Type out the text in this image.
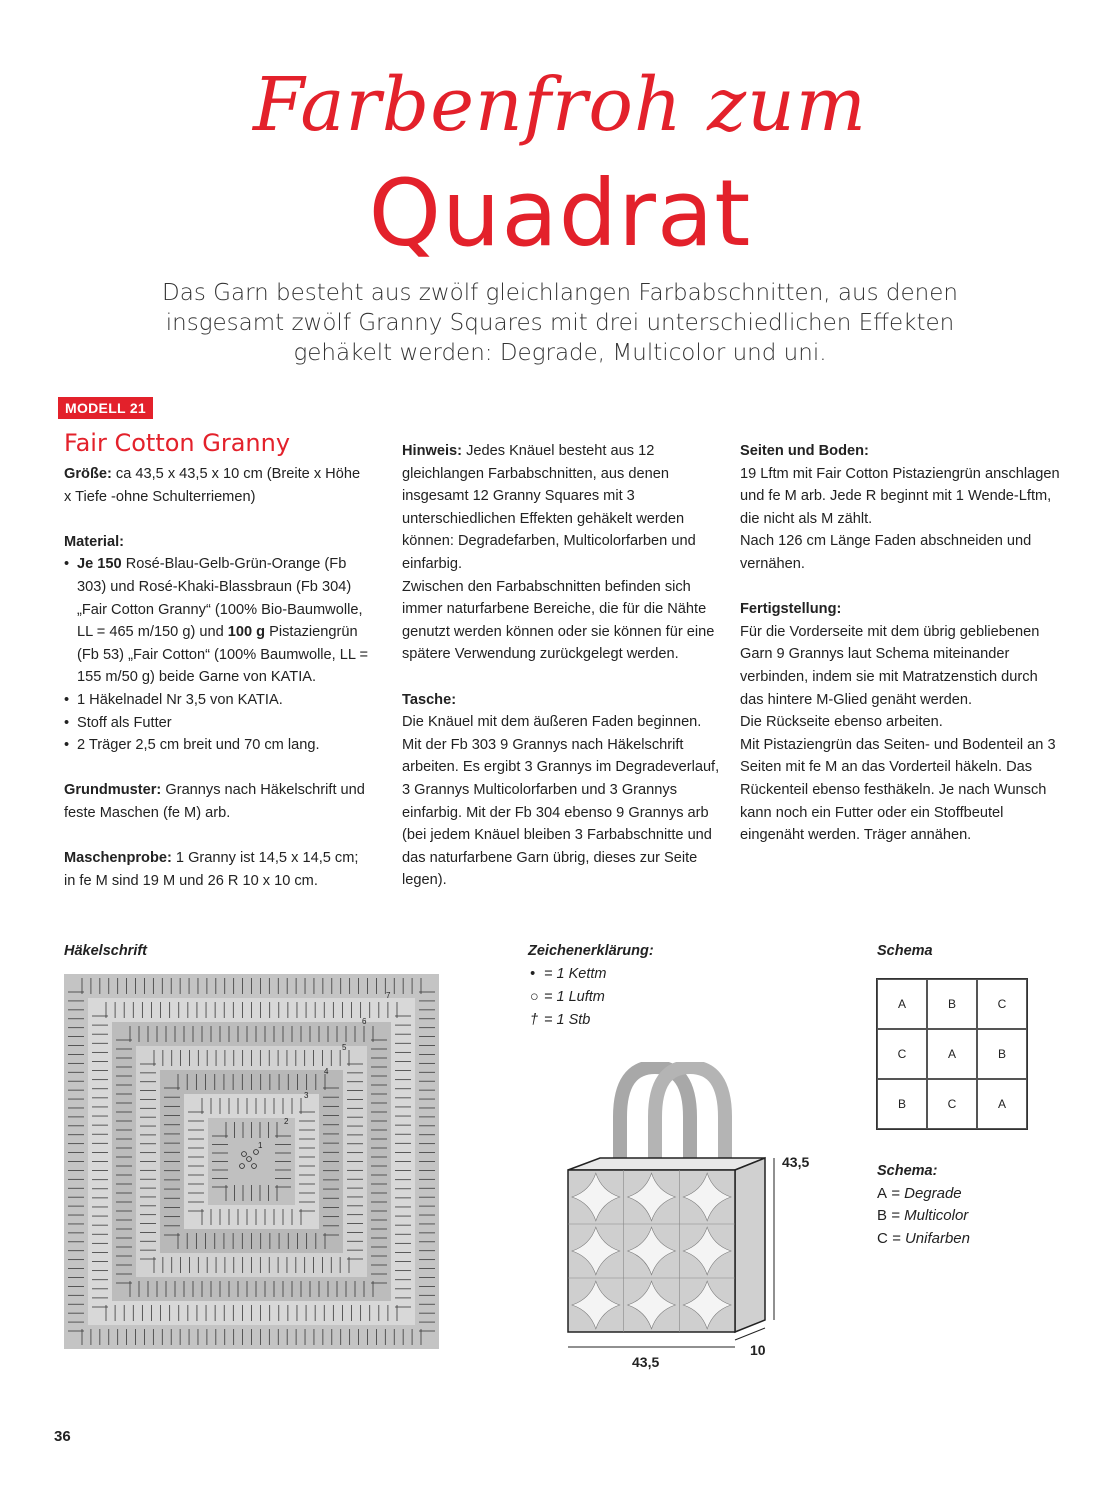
Farbenfroh zum
Quadrat
Das Garn besteht aus zwölf gleichlangen Farbabschnitten, aus denen insgesamt zwölf Granny Squares mit drei unterschiedlichen Effekten gehäkelt werden: Degrade, Multicolor und uni.
MODELL 21
Fair Cotton Granny

Größe: ca 43,5 x 43,5 x 10 cm (Breite x Höhe x Tiefe -ohne Schulterriemen)

Material:

• Je 150 Rosé-Blau-Gelb-Grün-Orange (Fb 303) und Rosé-Khaki-Blassbraun (Fb 304) „Fair Cotton Granny“ (100% Bio-Baumwolle, LL = 465 m/150 g) und 100 g Pistaziengrün (Fb 53) „Fair Cotton“ (100% Baumwolle, LL = 155 m/50 g) beide Garne von KATIA.
• 1 Häkelnadel Nr 3,5 von KATIA.
• Stoff als Futter
• 2 Träger 2,5 cm breit und 70 cm lang.

Grundmuster: Grannys nach Häkelschrift und feste Maschen (fe M) arb.

Maschenprobe: 1 Granny ist 14,5 x 14,5 cm; in fe M sind 19 M und 26 R 10 x 10 cm.

Hinweis: Jedes Knäuel besteht aus 12 gleichlangen Farbabschnitten, aus denen insgesamt 12 Granny Squares mit 3 unterschiedlichen Effekten gehäkelt werden können: Degradefarben, Multicolorfarben und einfarbig.

Zwischen den Farbabschnitten befinden sich immer naturfarbene Bereiche, die für die Nähte genutzt werden können oder sie können für eine spätere Verwendung zurückgelegt werden.

Tasche:

Die Knäuel mit dem äußeren Faden beginnen. Mit der Fb 303 9 Grannys nach Häkelschrift arbeiten. Es ergibt 3 Grannys im Degradeverlauf, 3 Grannys Multicolorfarben und 3 Grannys einfarbig. Mit der Fb 304 ebenso 9 Grannys arb (bei jedem Knäuel bleiben 3 Farbabschnitte und das naturfarbene Garn übrig, dieses zur Seite legen).

Seiten und Boden:

19 Lftm mit Fair Cotton Pistaziengrün anschlagen und fe M arb. Jede R beginnt mit 1 Wende-Lftm, die nicht als M zählt.

Nach 126 cm Länge Faden abschneiden und vernähen.

Fertigstellung:

Für die Vorderseite mit dem übrig gebliebenen Garn 9 Grannys laut Schema miteinander verbinden, indem sie mit Matratzenstich durch das hintere M-Glied genäht werden.

Die Rückseite ebenso arbeiten.

Mit Pistaziengrün das Seiten- und Bodenteil an 3 Seiten mit fe M an das Vorderteil häkeln. Das Rückenteil ebenso festhäkeln. Je nach Wunsch kann noch ein Futter oder ein Stoffbeutel eingenäht werden. Träger annähen.

Häkelschrift
1
2
3
4
5
6
7
Zeichenerklärung:
• = 1 Kettm
○ = 1 Luftm
† = 1 Stb
43,5
43,5
10
Schema
A	B	C
C	A	B
B	C	A
Schema:
A = Degrade
B = Multicolor
C = Unifarben
36
